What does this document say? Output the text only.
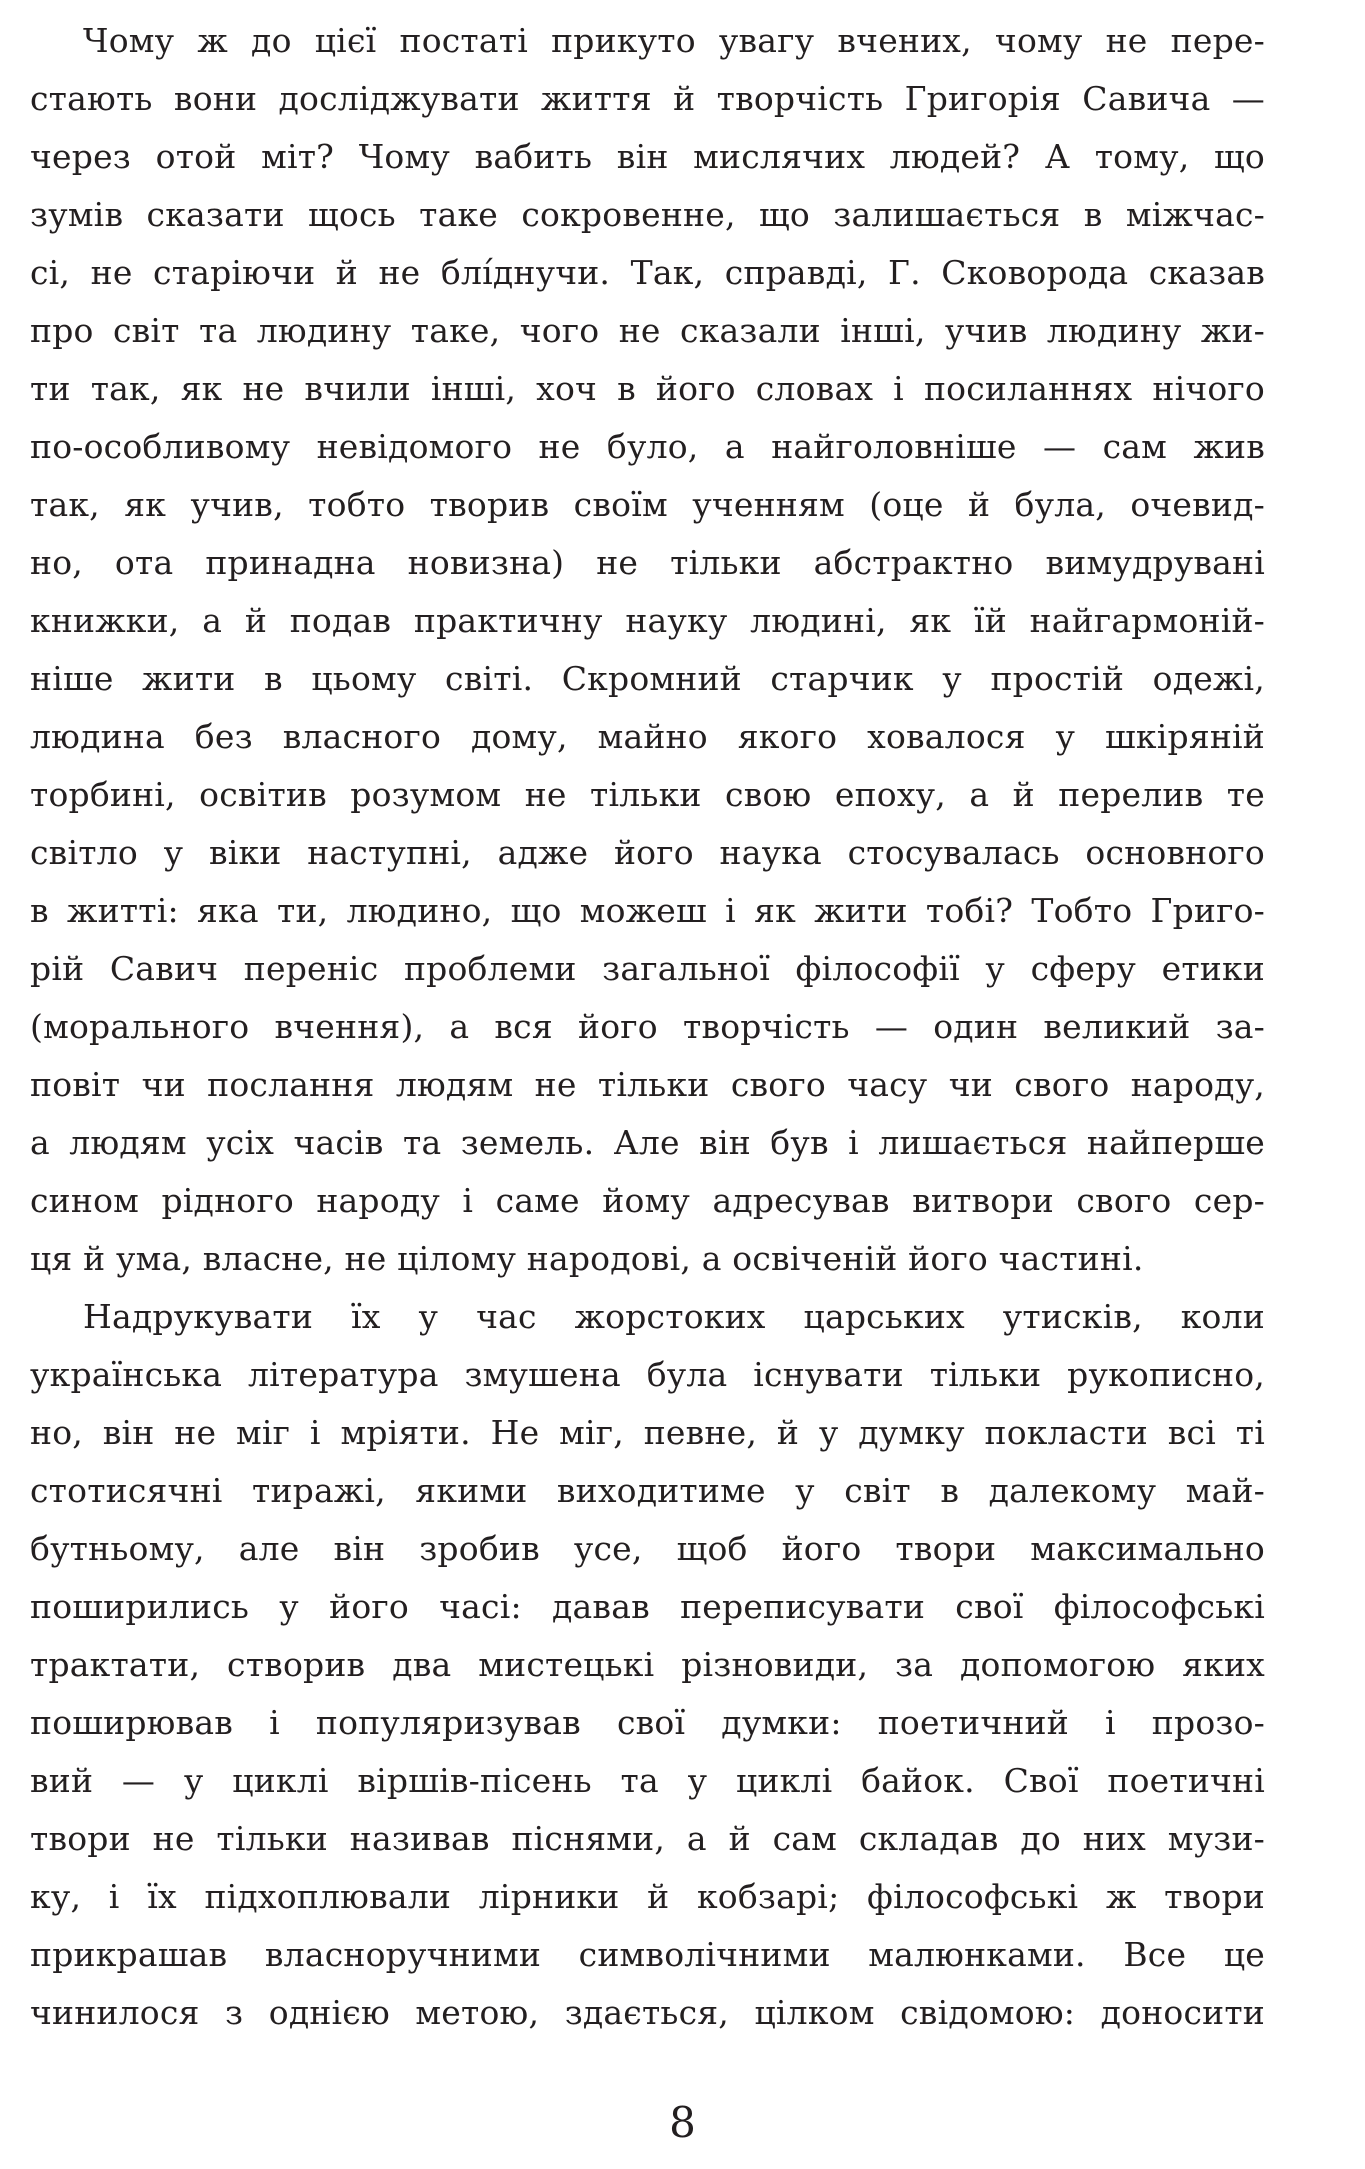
Чому ж до цієї постаті прикуто увагу вчених, чому не пере-
стають вони досліджувати життя й творчість Григорія Савича —
через отой міт? Чому вабить він мислячих людей? А тому, що
зумів сказати щось таке сокровенне, що залишається в міжчас-
сі, не старіючи й не блíднучи. Так, справді, Г. Сковорода сказав
про світ та людину таке, чого не сказали інші, учив людину жи-
ти так, як не вчили інші, хоч в його словах і посиланнях нічого
по-особливому невідомого не було, а найголовніше — сам жив
так, як учив, тобто творив своїм ученням (оце й була, очевид-
но, ота принадна новизна) не тільки абстрактно вимудрувані
книжки, а й подав практичну науку людині, як їй найгармоній-
ніше жити в цьому світі. Скромний старчик у простій одежі,
людина без власного дому, майно якого ховалося у шкіряній
торбині, освітив розумом не тільки свою епоху, а й перелив те
світло у віки наступні, адже його наука стосувалась основного
в житті: яка ти, людино, що можеш і як жити тобі? Тобто Григо-
рій Савич переніс проблеми загальної філософії у сферу етики
(морального вчення), а вся його творчість — один великий за-
повіт чи послання людям не тільки свого часу чи свого народу,
а людям усіх часів та земель. Але він був і лишається найперше
сином рідного народу і саме йому адресував витвори свого сер-
ця й ума, власне, не цілому народові, а освіченій його частині.
Надрукувати їх у час жорстоких царських утисків, коли
українська література змушена була існувати тільки рукописно,
но, він не міг і мріяти. Не міг, певне, й у думку покласти всі ті
стотисячні тиражі, якими виходитиме у світ в далекому май-
бутньому, але він зробив усе, щоб його твори максимально
поширились у його часі: давав переписувати свої філософські
трактати, створив два мистецькі різновиди, за допомогою яких
поширював і популяризував свої думки: поетичний і прозо-
вий — у циклі віршів-пісень та у циклі байок. Свої поетичні
твори не тільки називав піснями, а й сам складав до них музи-
ку, і їх підхоплювали лірники й кобзарі; філософські ж твори
прикрашав власноручними символічними малюнками. Все це
чинилося з однією метою, здається, цілком свідомою: доносити
8
